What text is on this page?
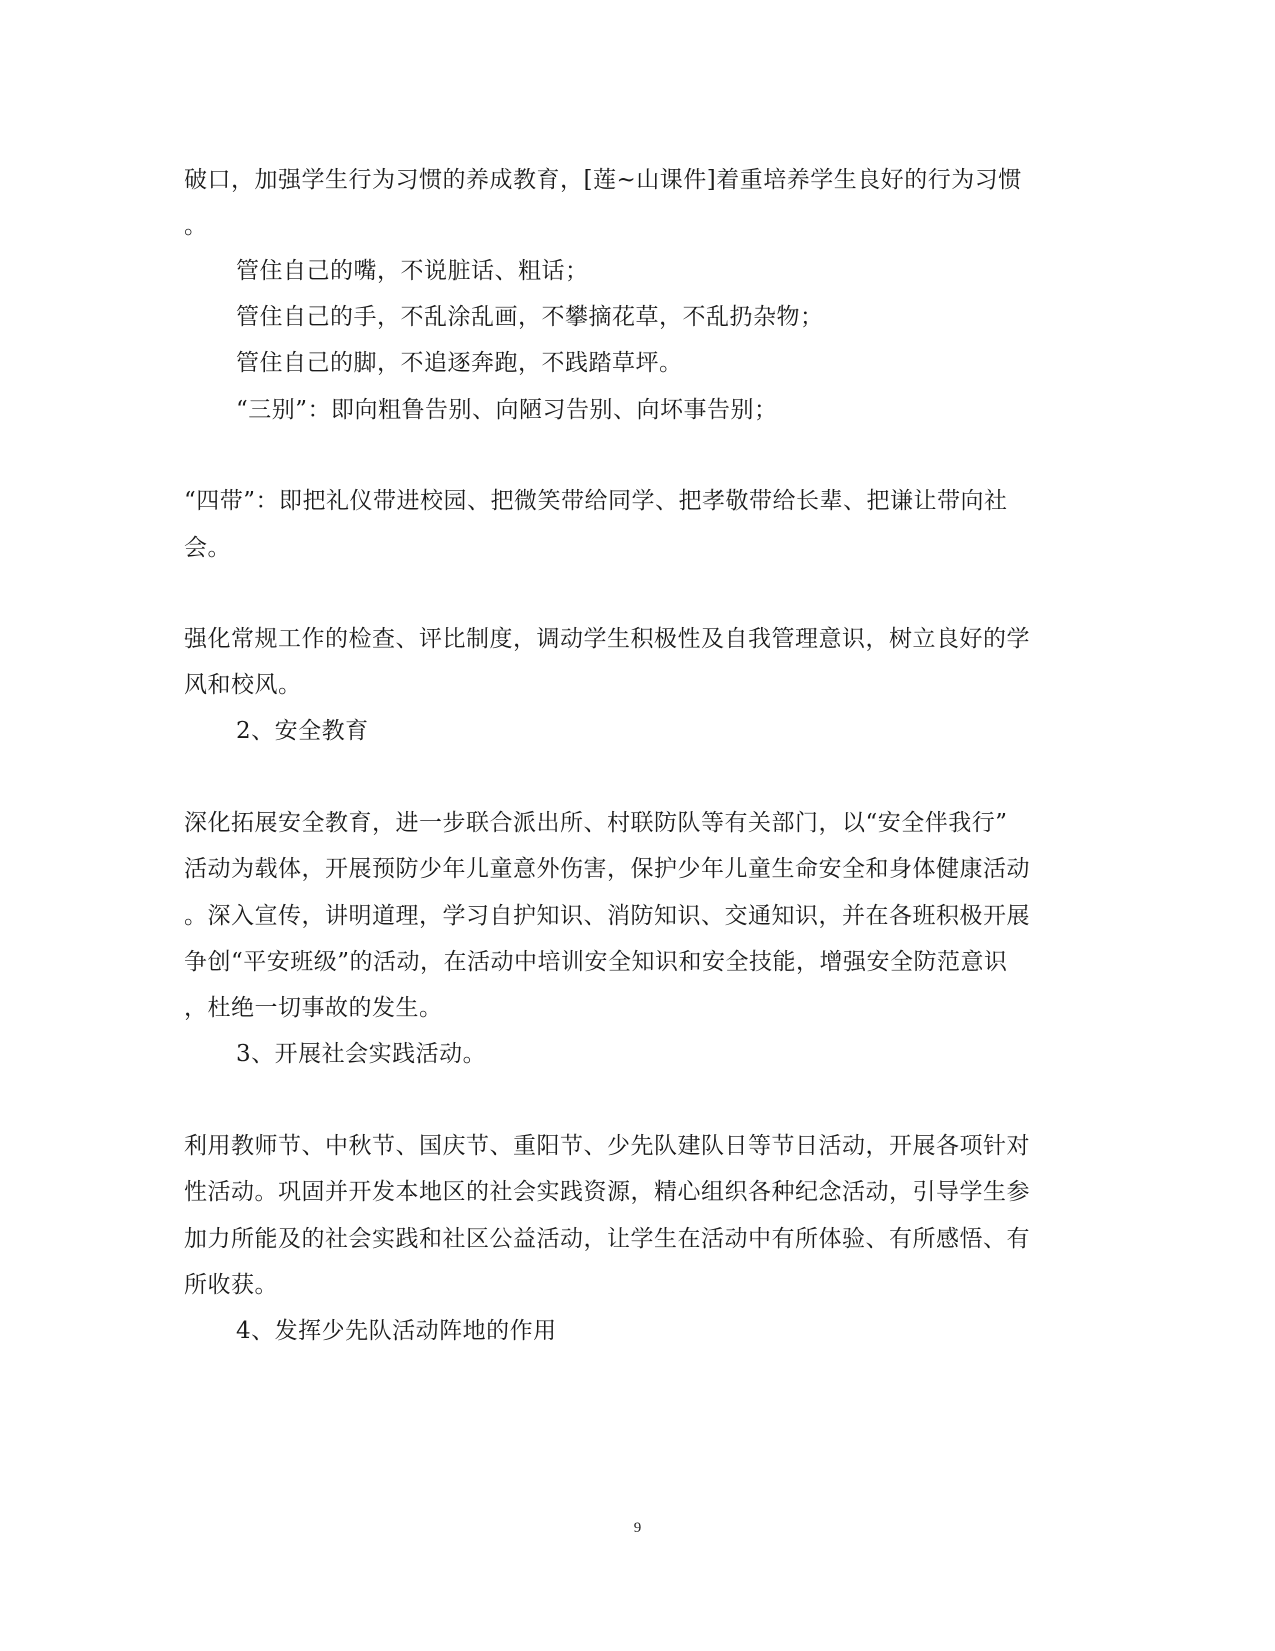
破口，加强学生行为习惯的养成教育，[莲~山课件]着重培养学生良好的行为习惯
。
管住自己的嘴，不说脏话、粗话；
管住自己的手，不乱涂乱画，不攀摘花草，不乱扔杂物；
管住自己的脚，不追逐奔跑，不践踏草坪。
“三别”：即向粗鲁告别、向陋习告别、向坏事告别；
“四带”：即把礼仪带进校园、把微笑带给同学、把孝敬带给长辈、把谦让带向社
会。
强化常规工作的检查、评比制度，调动学生积极性及自我管理意识，树立良好的学
风和校风。
2、安全教育
深化拓展安全教育，进一步联合派出所、村联防队等有关部门，以“安全伴我行”
活动为载体，开展预防少年儿童意外伤害，保护少年儿童生命安全和身体健康活动
。深入宣传，讲明道理，学习自护知识、消防知识、交通知识，并在各班积极开展
争创“平安班级”的活动，在活动中培训安全知识和安全技能，增强安全防范意识
，杜绝一切事故的发生。
3、开展社会实践活动。
利用教师节、中秋节、国庆节、重阳节、少先队建队日等节日活动，开展各项针对
性活动。巩固并开发本地区的社会实践资源，精心组织各种纪念活动，引导学生参
加力所能及的社会实践和社区公益活动，让学生在活动中有所体验、有所感悟、有
所收获。
4、发挥少先队活动阵地的作用
9
